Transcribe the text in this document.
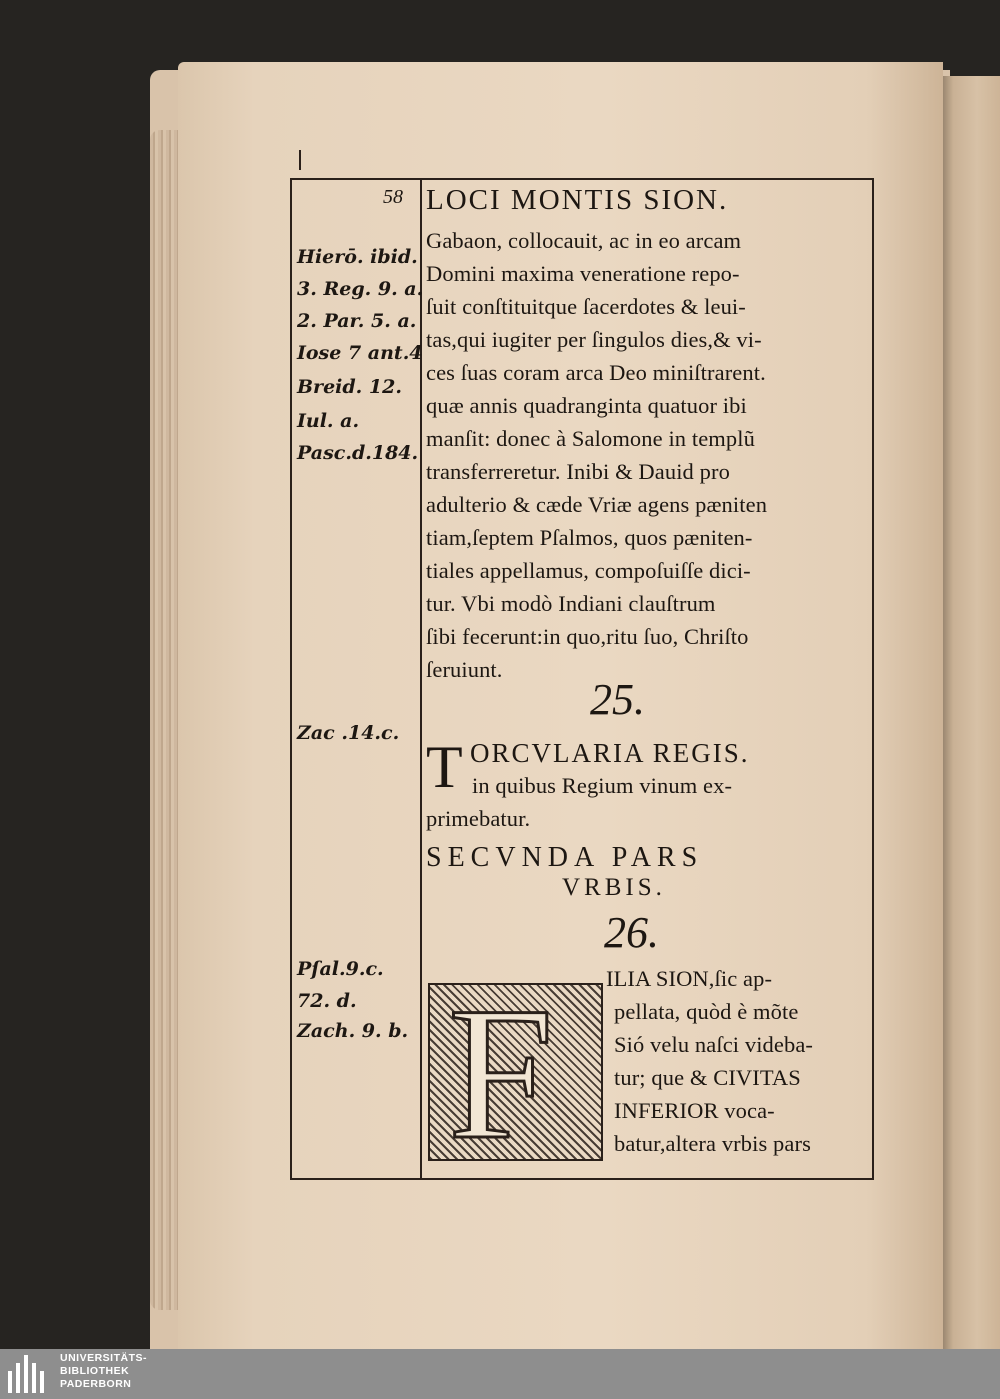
58 LOCI MONTIS SION.
Hierō. ibid.
3. Reg. 9. a.
2. Par. 5. a.
Iose 7 ant.4
Breid. 12.
Iul. a.
Pasc.d.184.
Gabaon, collocauit, ac in eo arcam
Domini maxima veneratione repo-
ſuit conſtituitque ſacerdotes & leui-
tas,qui iugiter per ſingulos dies,& vi-
ces ſuas coram arca Deo miniſtrarent.
quæ annis quadranginta quatuor ibi
manſit: donec à Salomone in templũ
transferreretur. Inibi & Dauid pro
adulterio & cæde Vriæ agens pæniten
tiam,ſeptem Pſalmos, quos pæniten-
tiales appellamus, compoſuiſſe dici-
tur. Vbi modò Indiani clauſtrum
ſibi fecerunt:in quo,ritu ſuo, Chriſto
ſeruiunt.
25.
Zac .14.c.
T ORCVLARIA REGIS.
in quibus Regium vinum ex-
primebatur.
SECVNDA PARS
VRBIS.
26.
Pſal.9.c.
72. d.
Zach. 9. b. F ILIA SION,ſic ap-
pellata, quòd è mõte
Sió velu naſci videba-
tur; que & CIVITAS
INFERIOR voca-
batur,altera vrbis pars
UNIVERSITÄTS-
BIBLIOTHEK
PADERBORN
